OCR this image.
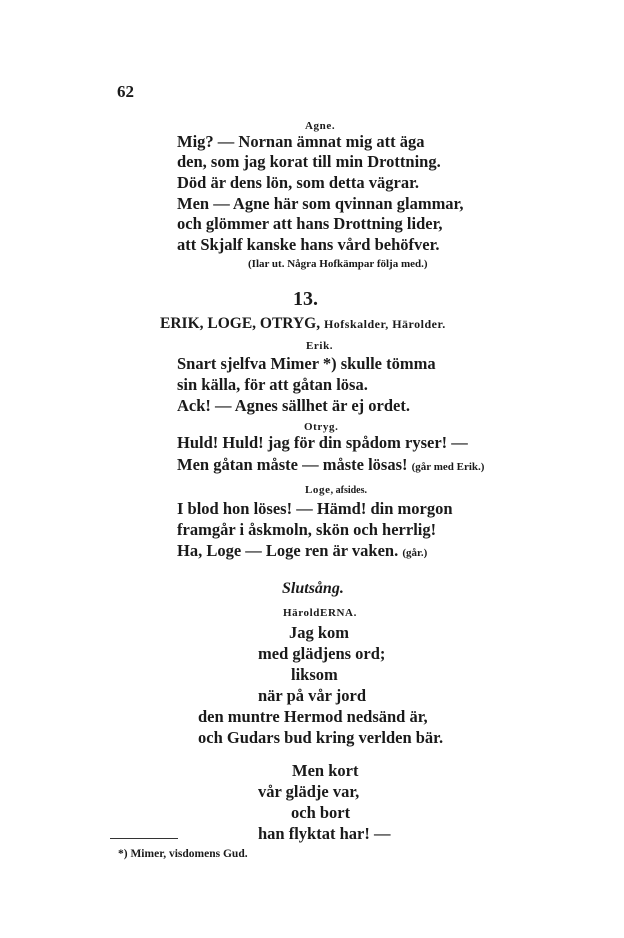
62
Agne.
Mig? — Nornan ämnat mig att äga
den, som jag korat till min Drottning.
Död är dens lön, som detta vägrar.
Men — Agne här som qvinnan glammar,
och glömmer att hans Drottning lider,
att Skjalf kanske hans vård behöfver.
(Ilar ut. Några Hofkämpar följa med.)
13.
ERIK, LOGE, OTRYG, Hofskalder, Härolder.
Erik.
Snart sjelfva Mimer *) skulle tömma
sin källa, för att gåtan lösa.
Ack! — Agnes sällhet är ej ordet.
Otryg.
Huld! Huld! jag för din spådom ryser! —
Men gåtan måste — måste lösas! (går med Erik.)
Loge, afsides.
I blod hon löses! — Hämd! din morgon
framgår i åskmoln, skön och herrlig!
Ha, Loge — Loge ren är vaken. (går.)
Slutsång.
HäroldERNA.
Jag kom
med glädjens ord;
liksom
när på vår jord
den muntre Hermod nedsänd är,
och Gudars bud kring verlden bär.
Men kort
vår glädje var,
och bort
han flyktat har! —
*) Mimer, visdomens Gud.
